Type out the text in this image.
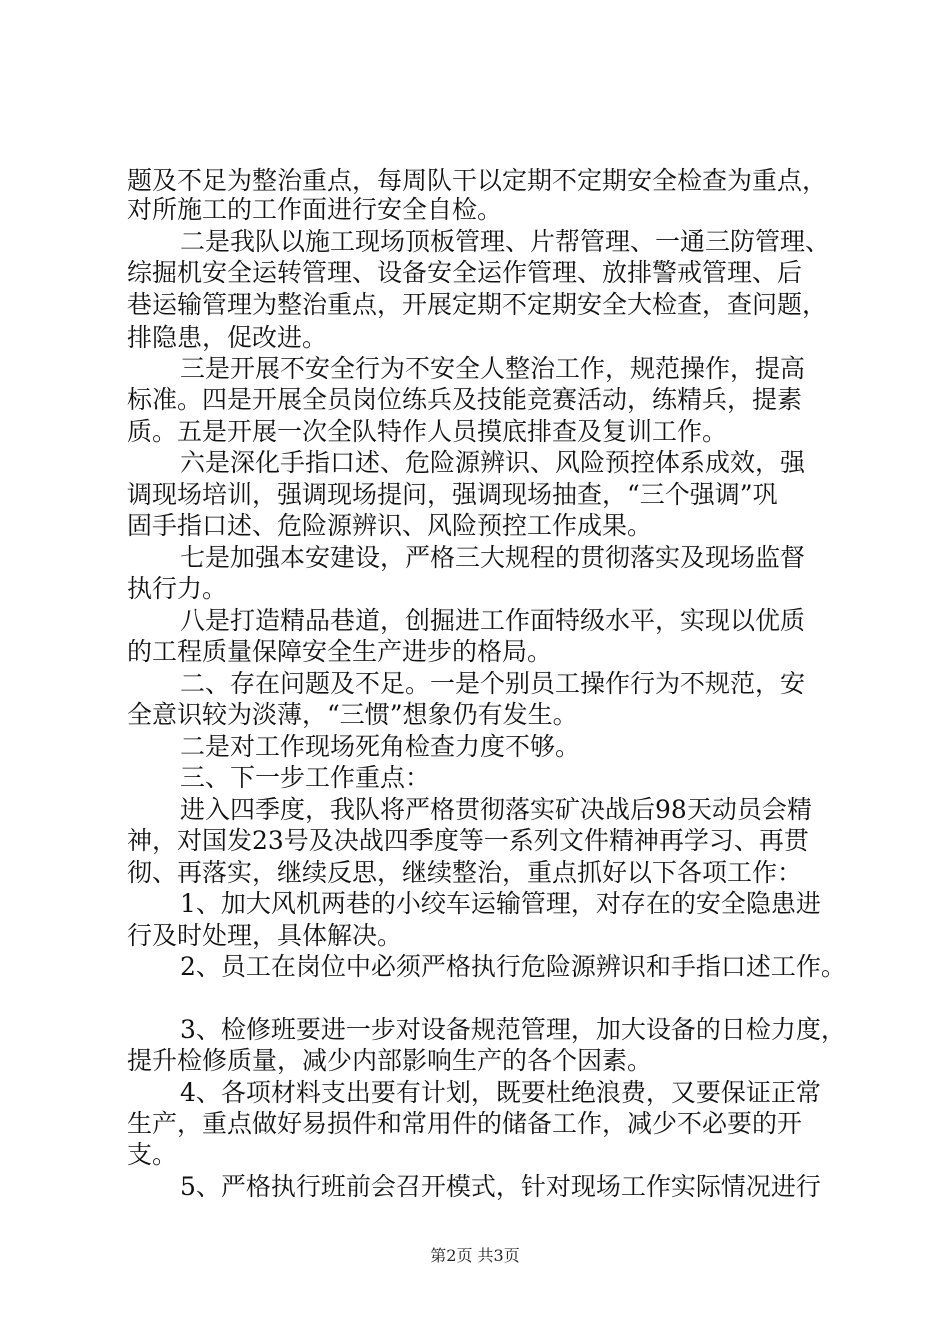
题及不足为整治重点，每周队干以定期不定期安全检查为重点，
对所施工的工作面进行安全自检。
二是我队以施工现场顶板管理、片帮管理、一通三防管理、
综掘机安全运转管理、设备安全运作管理、放排警戒管理、后
巷运输管理为整治重点，开展定期不定期安全大检查，查问题，
排隐患，促改进。
三是开展不安全行为不安全人整治工作，规范操作，提高
标准。四是开展全员岗位练兵及技能竞赛活动，练精兵，提素
质。五是开展一次全队特作人员摸底排查及复训工作。
六是深化手指口述、危险源辨识、风险预控体系成效，强
调现场培训，强调现场提问，强调现场抽查，“三个强调”巩
固手指口述、危险源辨识、风险预控工作成果。
七是加强本安建设，严格三大规程的贯彻落实及现场监督
执行力。
八是打造精品巷道，创掘进工作面特级水平，实现以优质
的工程质量保障安全生产进步的格局。
二、存在问题及不足。一是个别员工操作行为不规范，安
全意识较为淡薄，“三惯”想象仍有发生。
二是对工作现场死角检查力度不够。
三、下一步工作重点：
进入四季度，我队将严格贯彻落实矿决战后98天动员会精
神，对国发23号及决战四季度等一系列文件精神再学习、再贯
彻、再落实，继续反思，继续整治，重点抓好以下各项工作：
1、加大风机两巷的小绞车运输管理，对存在的安全隐患进
行及时处理，具体解决。
2、员工在岗位中必须严格执行危险源辨识和手指口述工作。
3、检修班要进一步对设备规范管理，加大设备的日检力度，
提升检修质量，减少内部影响生产的各个因素。
4、各项材料支出要有计划，既要杜绝浪费，又要保证正常
生产，重点做好易损件和常用件的储备工作，减少不必要的开
支。
5、严格执行班前会召开模式，针对现场工作实际情况进行
第2页 共3页
